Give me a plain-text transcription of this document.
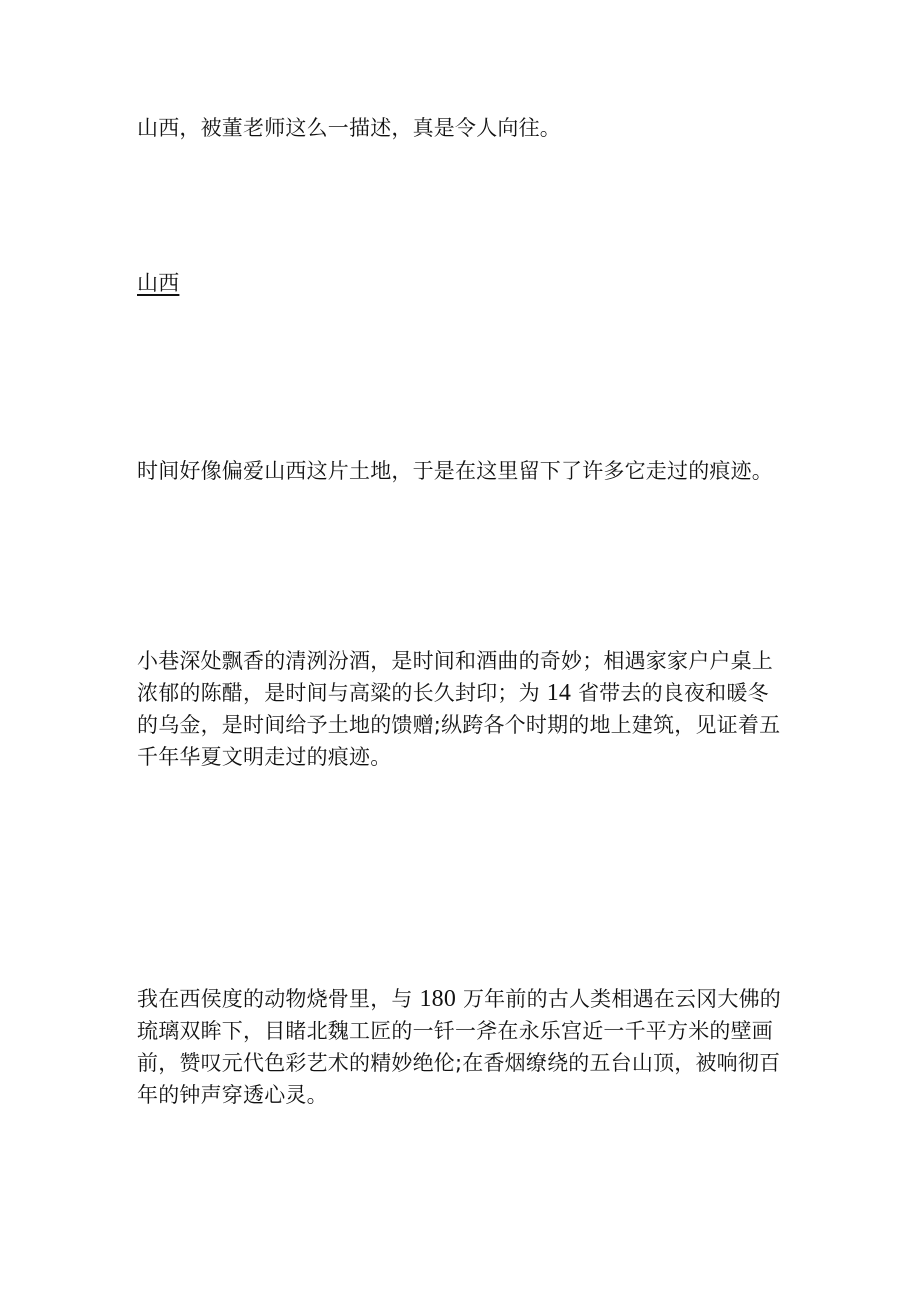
山西，被董老师这么一描述，真是令人向往。

山西

时间好像偏爱山西这片土地，于是在这里留下了许多它走过的痕迹。

小巷深处飘香的清洌汾酒，是时间和酒曲的奇妙；相遇家家户户桌上
浓郁的陈醋，是时间与高粱的长久封印；为 14 省带去的良夜和暖冬
的乌金，是时间给予土地的馈赠;纵跨各个时期的地上建筑，见证着五
千年华夏文明走过的痕迹。

我在西侯度的动物烧骨里，与 180 万年前的古人类相遇在云冈大佛的
琉璃双眸下，目睹北魏工匠的一钎一斧在永乐宫近一千平方米的壁画
前，赞叹元代色彩艺术的精妙绝伦;在香烟缭绕的五台山顶，被响彻百
年的钟声穿透心灵。
